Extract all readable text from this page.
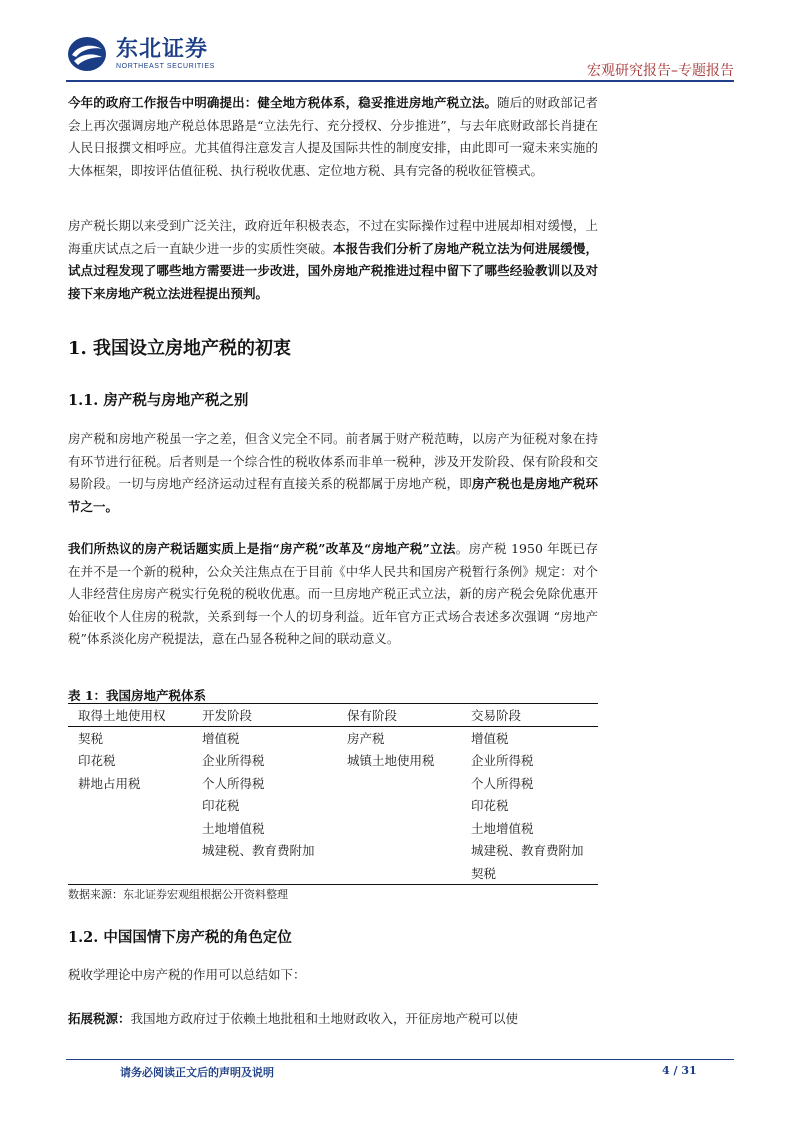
东北证券
NORTHEAST SECURITIES	宏观研究报告–专题报告

今年的政府工作报告中明确提出：健全地方税体系，稳妥推进房地产税立法。随后的财政部记者会上再次强调房地产税总体思路是“立法先行、充分授权、分步推进”，与去年底财政部长肖捷在人民日报撰文相呼应。尤其值得注意发言人提及国际共性的制度安排，由此即可一窥未来实施的大体框架，即按评估值征税、执行税收优惠、定位地方税、具有完备的税收征管模式。

房产税长期以来受到广泛关注，政府近年积极表态，不过在实际操作过程中进展却相对缓慢，上海重庆试点之后一直缺少进一步的实质性突破。本报告我们分析了房地产税立法为何进展缓慢，试点过程发现了哪些地方需要进一步改进，国外房地产税推进过程中留下了哪些经验教训以及对接下来房地产税立法进程提出预判。

1. 我国设立房地产税的初衷
1.1. 房产税与房地产税之别

房产税和房地产税虽一字之差，但含义完全不同。前者属于财产税范畴，以房产为征税对象在持有环节进行征税。后者则是一个综合性的税收体系而非单一税种，涉及开发阶段、保有阶段和交易阶段。一切与房地产经济运动过程有直接关系的税都属于房地产税，即房产税也是房地产税环节之一。

我们所热议的房产税话题实质上是指“房产税”改革及“房地产税”立法。房产税 1950 年既已存在并不是一个新的税种，公众关注焦点在于目前《中华人民共和国房产税暂行条例》规定：对个人非经营住房房产税实行免税的税收优惠。而一旦房地产税正式立法，新的房产税会免除优惠开始征收个人住房的税款，关系到每一个人的切身利益。近年官方正式场合表述多次强调 “房地产税”体系淡化房产税提法，意在凸显各税种之间的联动意义。

表 1：我国房地产税体系
取得土地使用权	开发阶段	保有阶段	交易阶段
契税	增值税	房产税	增值税
印花税	企业所得税	城镇土地使用税	企业所得税
耕地占用税	个人所得税		个人所得税
	印花税		印花税
	土地增值税		土地增值税
	城建税、教育费附加		城建税、教育费附加
			契税
数据来源：东北证券宏观组根据公开资料整理
1.2. 中国国情下房产税的角色定位

税收学理论中房产税的作用可以总结如下：

拓展税源：我国地方政府过于依赖土地批租和土地财政收入，开征房地产税可以使

请务必阅读正文后的声明及说明	4 / 31
